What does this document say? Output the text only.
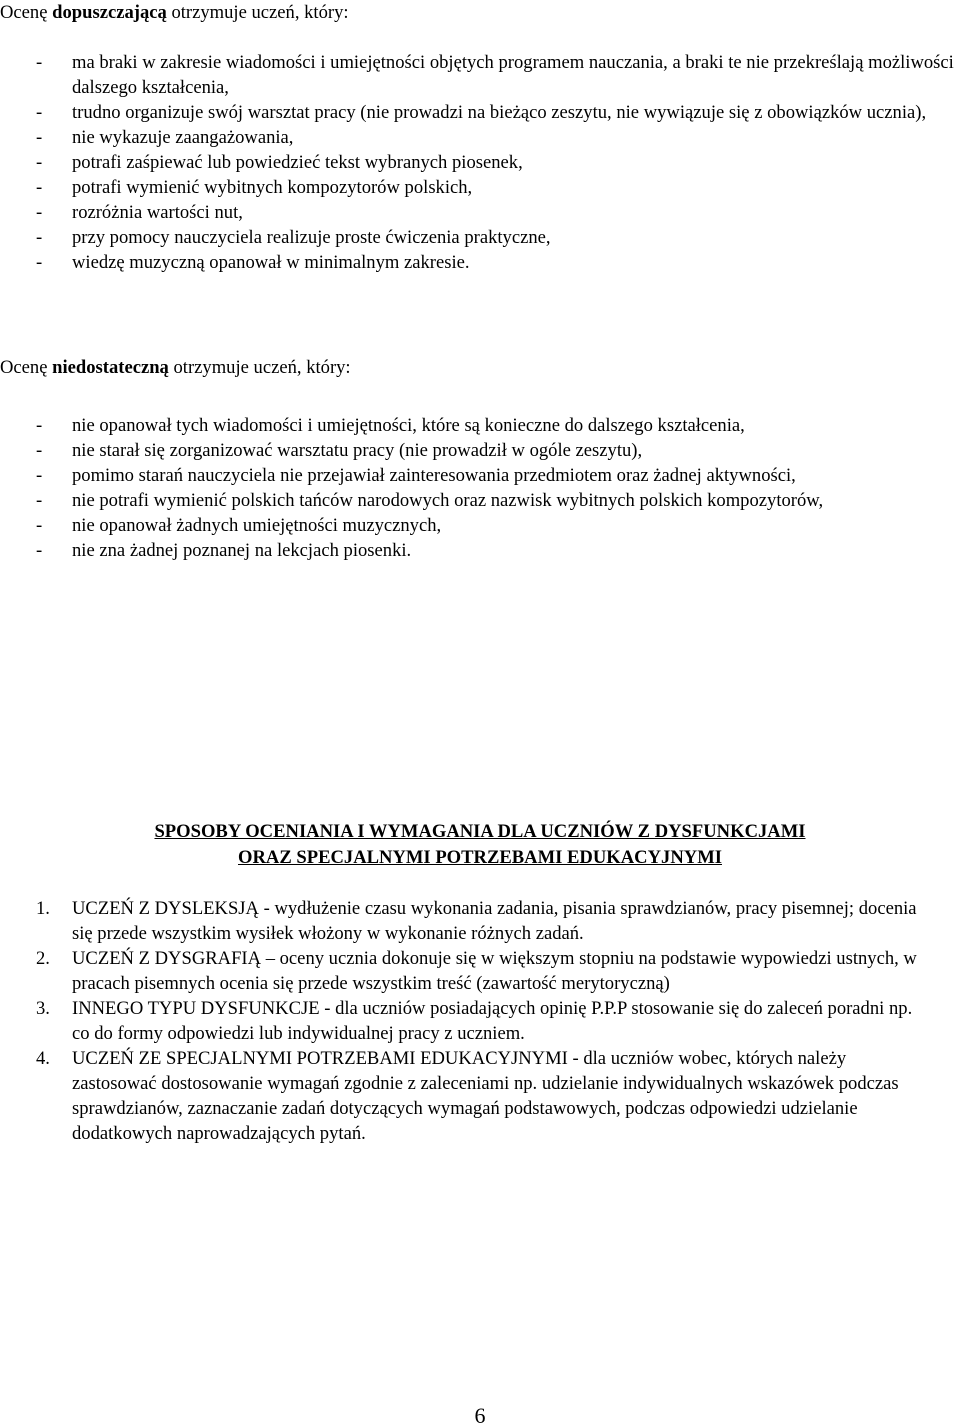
Ocenę dopuszczającą otrzymuje uczeń, który:

- ma braki w zakresie wiadomości i umiejętności objętych programem nauczania, a braki te nie przekreślają możliwości dalszego kształcenia,
- trudno organizuje swój warsztat pracy (nie prowadzi na bieżąco zeszytu, nie wywiązuje się z obowiązków ucznia),
- nie wykazuje zaangażowania,
- potrafi zaśpiewać lub powiedzieć tekst wybranych piosenek,
- potrafi wymienić wybitnych kompozytorów polskich,
- rozróżnia wartości nut,
- przy pomocy nauczyciela realizuje proste ćwiczenia praktyczne,
- wiedzę muzyczną opanował w minimalnym zakresie.

Ocenę niedostateczną otrzymuje uczeń, który:

- nie opanował tych wiadomości i umiejętności, które są konieczne do dalszego kształcenia,
- nie starał się zorganizować warsztatu pracy (nie prowadził w ogóle zeszytu),
- pomimo starań nauczyciela nie przejawiał zainteresowania przedmiotem oraz żadnej aktywności,
- nie potrafi wymienić polskich tańców narodowych oraz nazwisk wybitnych polskich kompozytorów,
- nie opanował żadnych umiejętności muzycznych,
- nie zna żadnej poznanej na lekcjach piosenki.

SPOSOBY OCENIANIA I WYMAGANIA DLA UCZNIÓW Z DYSFUNKCJAMI

ORAZ SPECJALNYMI POTRZEBAMI EDUKACYJNYMI

1. UCZEŃ Z DYSLEKSJĄ - wydłużenie czasu wykonania zadania, pisania sprawdzianów, pracy pisemnej; docenia się przede wszystkim wysiłek włożony w wykonanie różnych zadań.
2. UCZEŃ Z DYSGRAFIĄ – oceny ucznia dokonuje się w większym stopniu na podstawie wypowiedzi ustnych, w pracach pisemnych ocenia się przede wszystkim treść (zawartość merytoryczną)
3. INNEGO TYPU DYSFUNKCJE - dla uczniów posiadających opinię P.P.P stosowanie się do zaleceń poradni np. co do formy odpowiedzi lub indywidualnej pracy z uczniem.
4. UCZEŃ ZE SPECJALNYMI POTRZEBAMI EDUKACYJNYMI - dla uczniów wobec, których należy zastosować dostosowanie wymagań zgodnie z zaleceniami np. udzielanie indywidualnych wskazówek podczas sprawdzianów, zaznaczanie zadań dotyczących wymagań podstawowych, podczas odpowiedzi udzielanie dodatkowych naprowadzających pytań.
6
